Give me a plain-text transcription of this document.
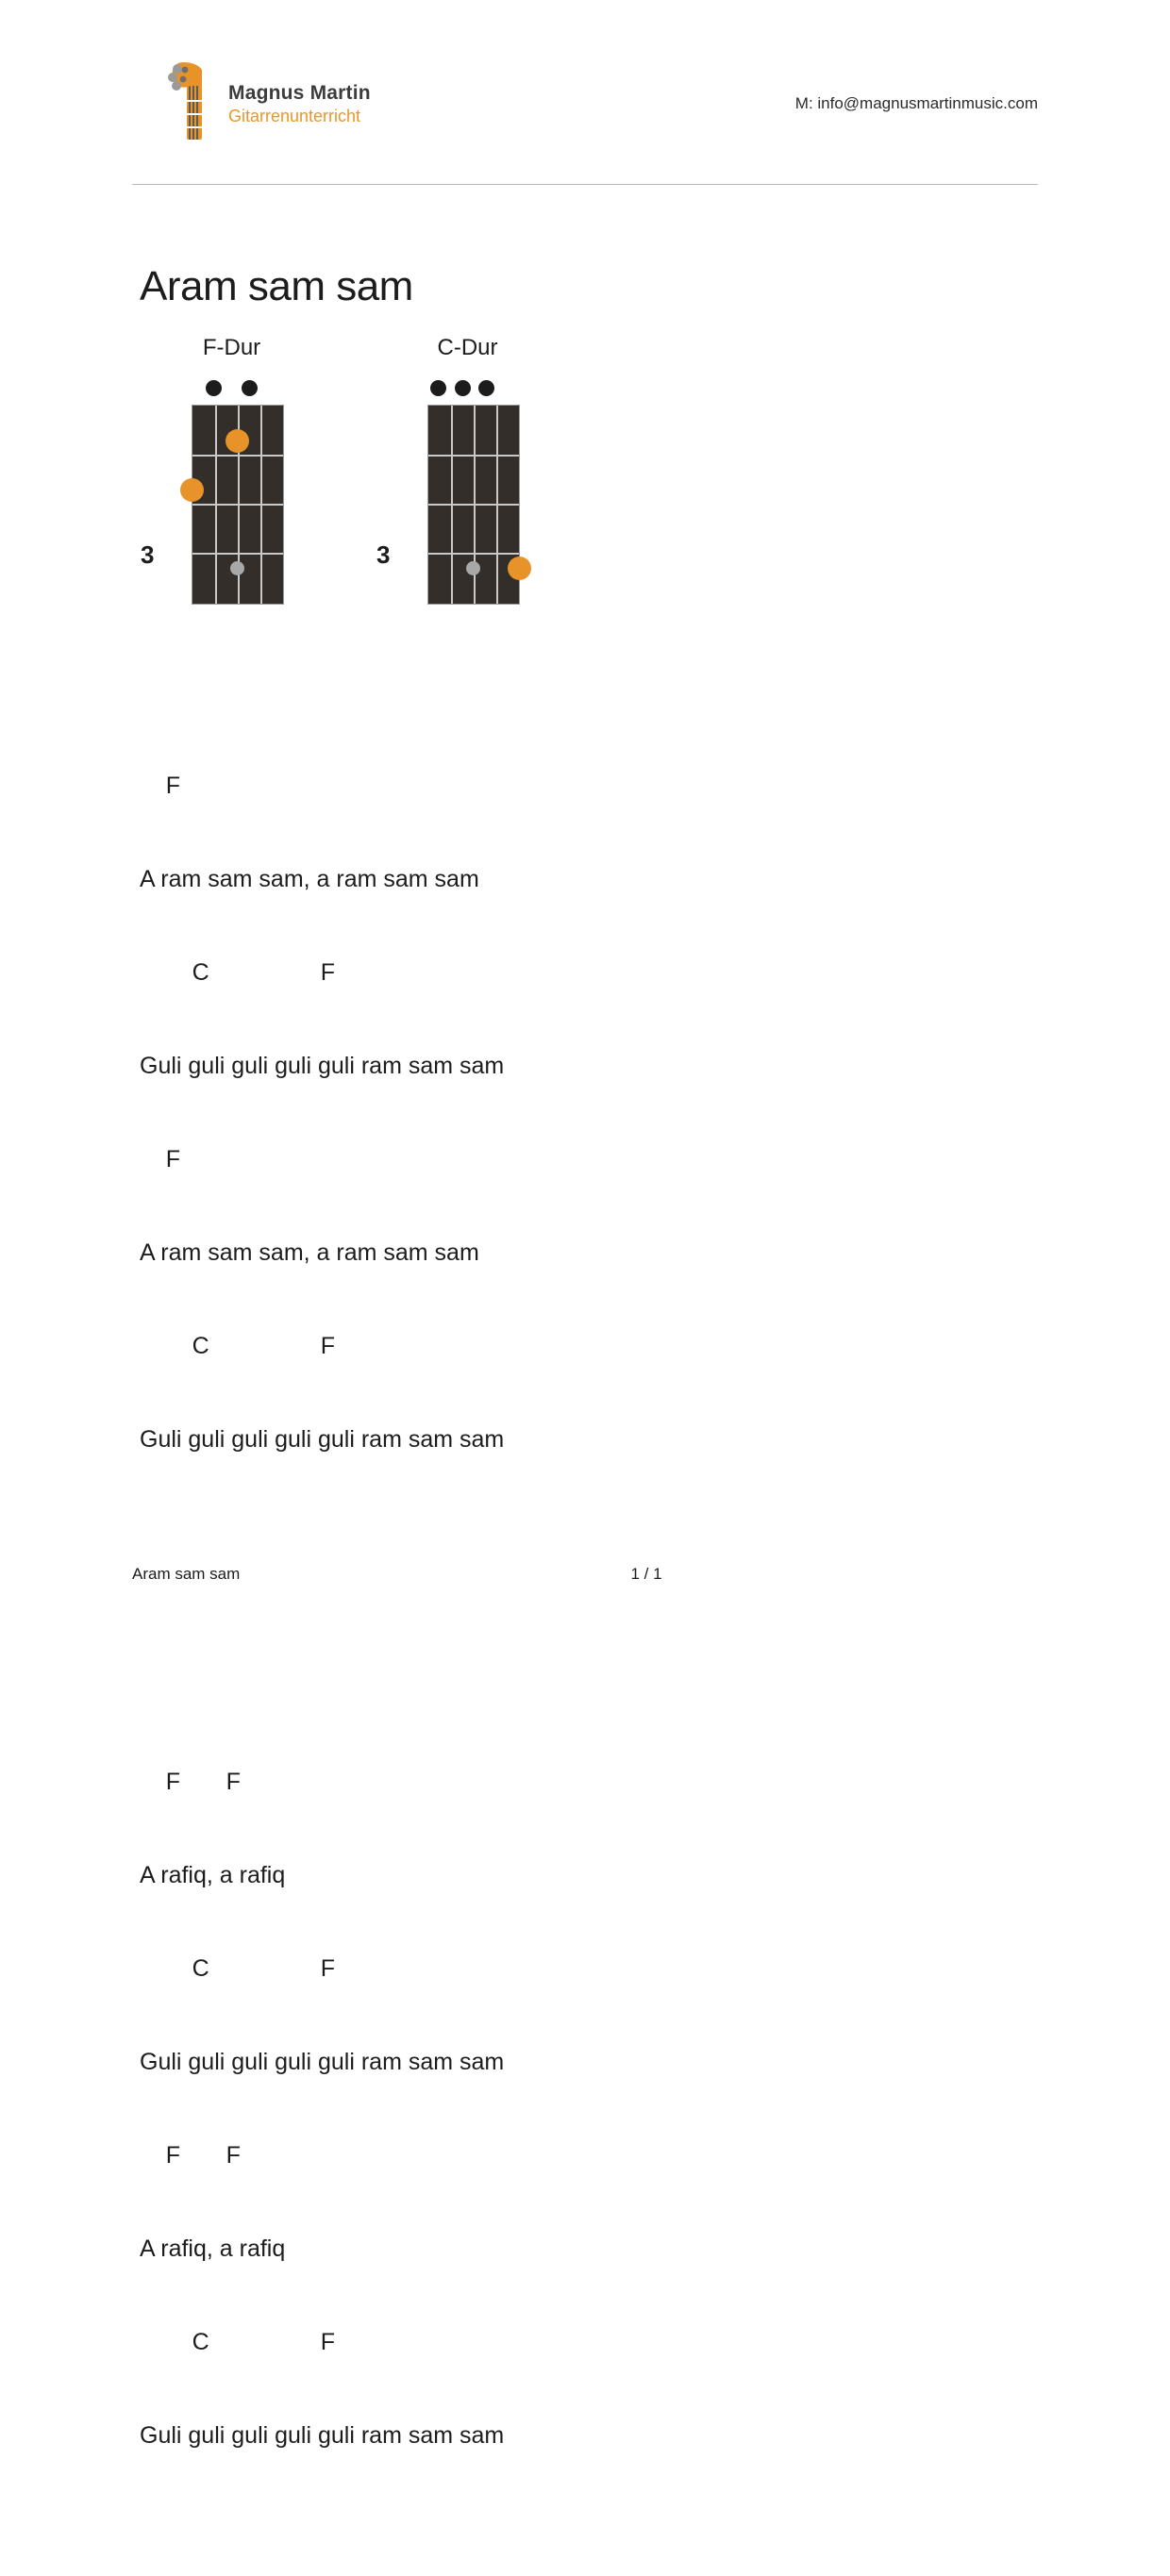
Magnus Martin
Gitarrenunterricht
M: info@magnusmartinmusic.com
Aram sam sam
F-Dur
3
C-Dur
3

F

A ram sam sam, a ram sam sam

C                 F

Guli guli guli guli guli ram sam sam

F

A ram sam sam, a ram sam sam

C                 F

Guli guli guli guli guli ram sam sam

F       F

A rafiq, a rafiq

C                 F

Guli guli guli guli guli ram sam sam

F       F

A rafiq, a rafiq

C                 F

Guli guli guli guli guli ram sam sam

Aram sam sam	1 / 1
